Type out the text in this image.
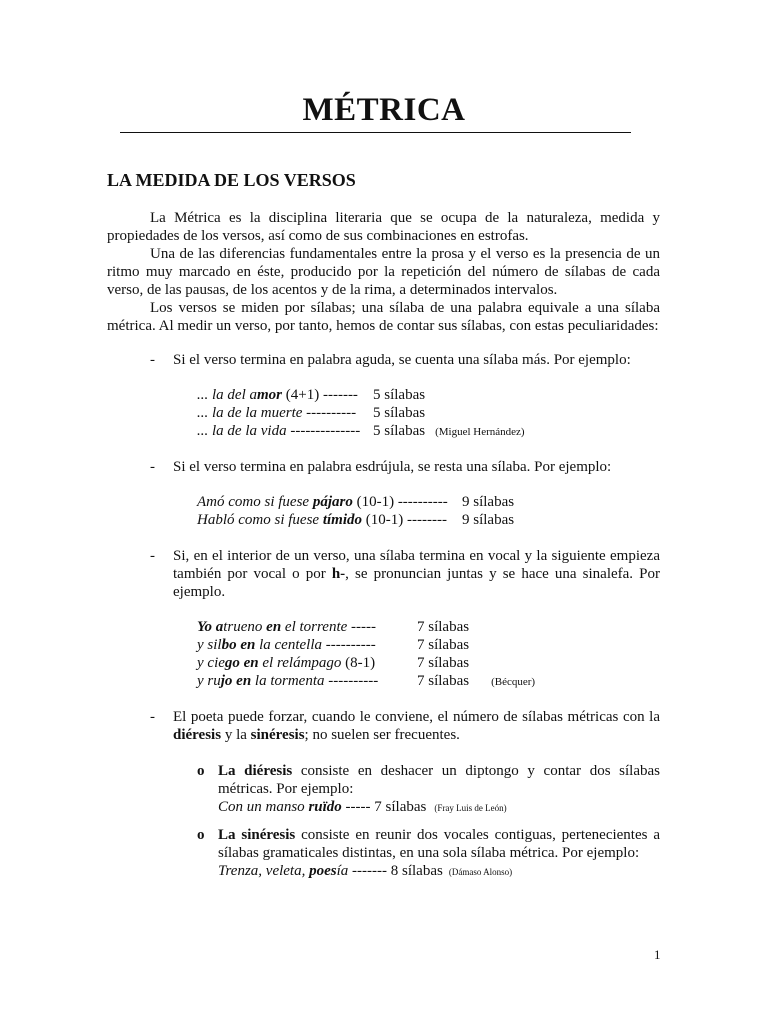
MÉTRICA
LA MEDIDA DE LOS VERSOS
La Métrica es la disciplina literaria que se ocupa de la naturaleza, medida y propiedades de los versos, así como de sus combinaciones en estrofas.
Una de las diferencias fundamentales entre la prosa y el verso es la presencia de un ritmo muy marcado en éste, producido por la repetición del número de sílabas de cada verso, de las pausas, de los acentos y de la rima, a determinados intervalos.
Los versos se miden por sílabas; una sílaba de una palabra equivale a una sílaba métrica. Al medir un verso, por tanto, hemos de contar sus sílabas, con estas peculiaridades:
- Si el verso termina en palabra aguda, se cuenta una sílaba más. Por ejemplo:
... la del amor (4+1) ------- 5 sílabas
... la de la muerte ---------- 5 sílabas
... la de la vida -------------- 5 sílabas (Miguel Hernández)
- Si el verso termina en palabra esdrújula, se resta una sílaba. Por ejemplo:
Amó como si fuese pájaro (10-1) ---------- 9 sílabas
Habló como si fuese tímido (10-1) -------- 9 sílabas
- Si, en el interior de un verso, una sílaba termina en vocal y la siguiente empieza también por vocal o por h-, se pronuncian juntas y se hace una sinalefa. Por ejemplo.
Yo atrueno en el torrente -----	7 sílabas
y silbo en la centella ----------	7 sílabas
y ciego en el relámpago (8-1)	7 sílabas
y rujo en la tormenta ----------	7 sílabas (Bécquer)
- El poeta puede forzar, cuando le conviene, el número de sílabas métricas con la diéresis y la sinéresis; no suelen ser frecuentes.
o La diéresis consiste en deshacer un diptongo y contar dos sílabas métricas. Por ejemplo:
Con un manso ruïdo ----- 7 sílabas (Fray Luis de León)
o La sinéresis consiste en reunir dos vocales contiguas, pertenecientes a sílabas gramaticales distintas, en una sola sílaba métrica. Por ejemplo:
Trenza, veleta, poesía ------- 8 sílabas (Dámaso Alonso)
1
